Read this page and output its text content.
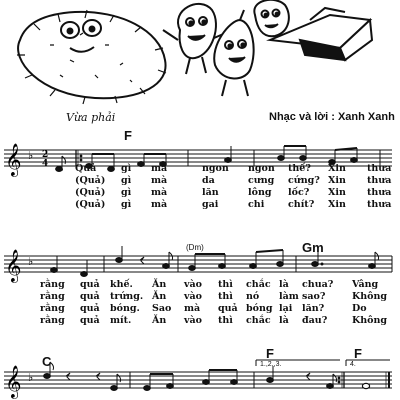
Vừa phải	Nhạc và lời : Xanh Xanh
𝄞 ♭ 2
4
F
Quả	gì mà	ngon ngon thế? Xin thưa
(Quả) gì mà	da	cưng cứng? Xin thưa
(Quả) gì mà	lăn	lông lốc? Xin thưa
(Quả) gì mà	gai	chi chít? Xin thưa
𝄞 ♭
(Dm)	Gm
rằng quả khế. Ăn vào thì chắc là chua? Vâng
rằng quả trứng. Ăn vào thì nó làm sao?	Không
rằng quả bóng. Sao mà quả bóng lại lăn?	Do
rằng quả mít. Ăn vào thì chắc là đau?	Không
𝄞 ♭
C
F	F
1.,2.,3.	4.
